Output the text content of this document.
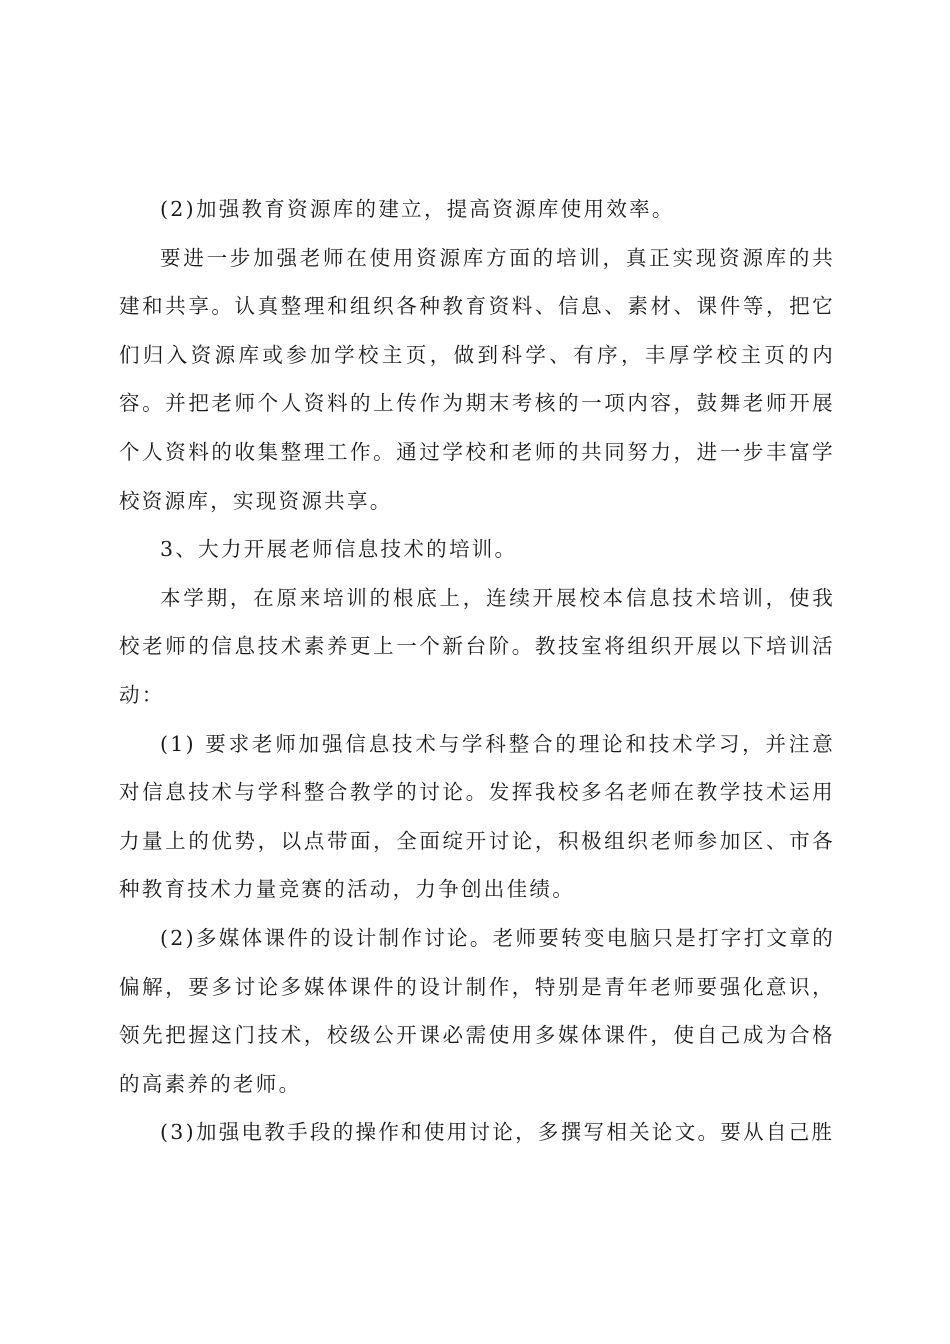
(2)加强教育资源库的建立，提高资源库使用效率。

要进一步加强老师在使用资源库方面的培训，真正实现资源库的共建和共享。认真整理和组织各种教育资料、信息、素材、课件等，把它们归入资源库或参加学校主页，做到科学、有序，丰厚学校主页的内容。并把老师个人资料的上传作为期末考核的一项内容，鼓舞老师开展个人资料的收集整理工作。通过学校和老师的共同努力，进一步丰富学校资源库，实现资源共享。

3、大力开展老师信息技术的培训。

本学期，在原来培训的根底上，连续开展校本信息技术培训，使我校老师的信息技术素养更上一个新台阶。教技室将组织开展以下培训活动：

(1) 要求老师加强信息技术与学科整合的理论和技术学习，并注意对信息技术与学科整合教学的讨论。发挥我校多名老师在教学技术运用力量上的优势，以点带面，全面绽开讨论，积极组织老师参加区、市各种教育技术力量竞赛的活动，力争创出佳绩。

(2)多媒体课件的设计制作讨论。老师要转变电脑只是打字打文章的偏解，要多讨论多媒体课件的设计制作，特别是青年老师要强化意识，领先把握这门技术，校级公开课必需使用多媒体课件，使自己成为合格的高素养的老师。

(3)加强电教手段的操作和使用讨论，多撰写相关论文。要从自己胜
